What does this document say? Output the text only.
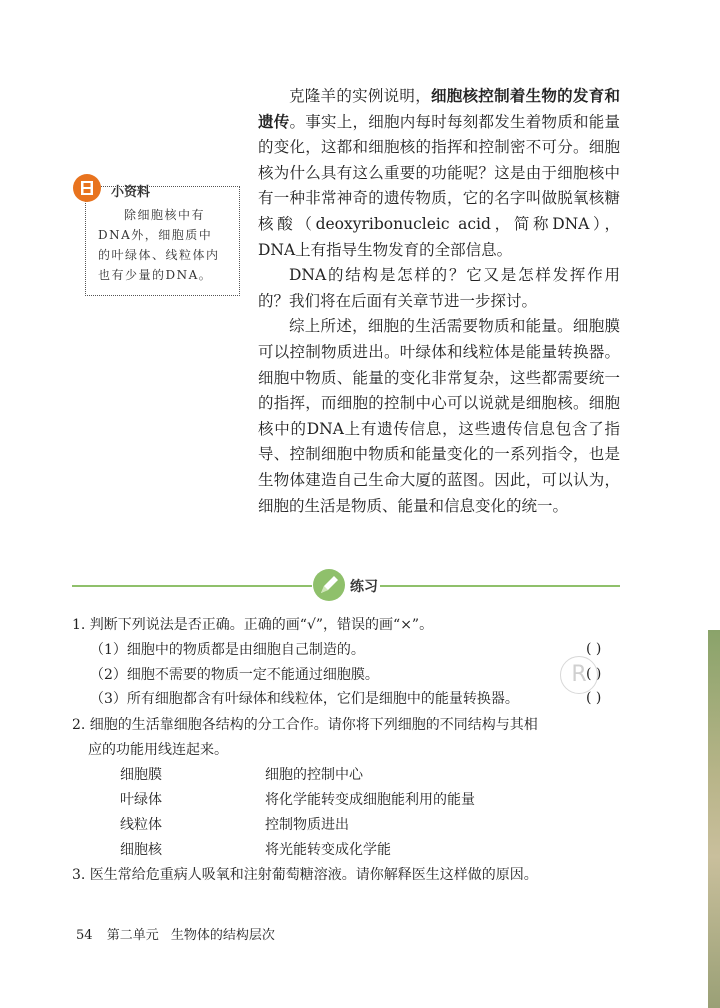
克隆羊的实例说明，细胞核控制着生物的发育和遗传。事实上，细胞内每时每刻都发生着物质和能量的变化，这都和细胞核的指挥和控制密不可分。细胞核为什么具有这么重要的功能呢？这是由于细胞核中有一种非常神奇的遗传物质，它的名字叫做脱氧核糖核酸（deoxyribonucleic acid，简称DNA），DNA上有指导生物发育的全部信息。

DNA的结构是怎样的？它又是怎样发挥作用的？我们将在后面有关章节进一步探讨。

综上所述，细胞的生活需要物质和能量。细胞膜可以控制物质进出。叶绿体和线粒体是能量转换器。细胞中物质、能量的变化非常复杂，这些都需要统一的指挥，而细胞的控制中心可以说就是细胞核。细胞核中的DNA上有遗传信息，这些遗传信息包含了指导、控制细胞中物质和能量变化的一系列指令，也是生物体建造自己生命大厦的蓝图。因此，可以认为，细胞的生活是物质、能量和信息变化的统一。

小资料
除细胞核中有
DNA外，细胞质中
的叶绿体、线粒体内
也有少量的DNA。
练习
1. 判断下列说法是否正确。正确的画“√”，错误的画“×”。
（1）细胞中的物质都是由细胞自己制造的。	( )
（2）细胞不需要的物质一定不能通过细胞膜。	( )
（3）所有细胞都含有叶绿体和线粒体，它们是细胞中的能量转换器。	( )
R
2. 细胞的生活靠细胞各结构的分工合作。请你将下列细胞的不同结构与其相
应的功能用线连起来。
细胞膜	细胞的控制中心
叶绿体	将化学能转变成细胞能利用的能量
线粒体	控制物质进出
细胞核	将光能转变成化学能
3. 医生常给危重病人吸氧和注射葡萄糖溶液。请你解释医生这样做的原因。
54 第二单元 生物体的结构层次
